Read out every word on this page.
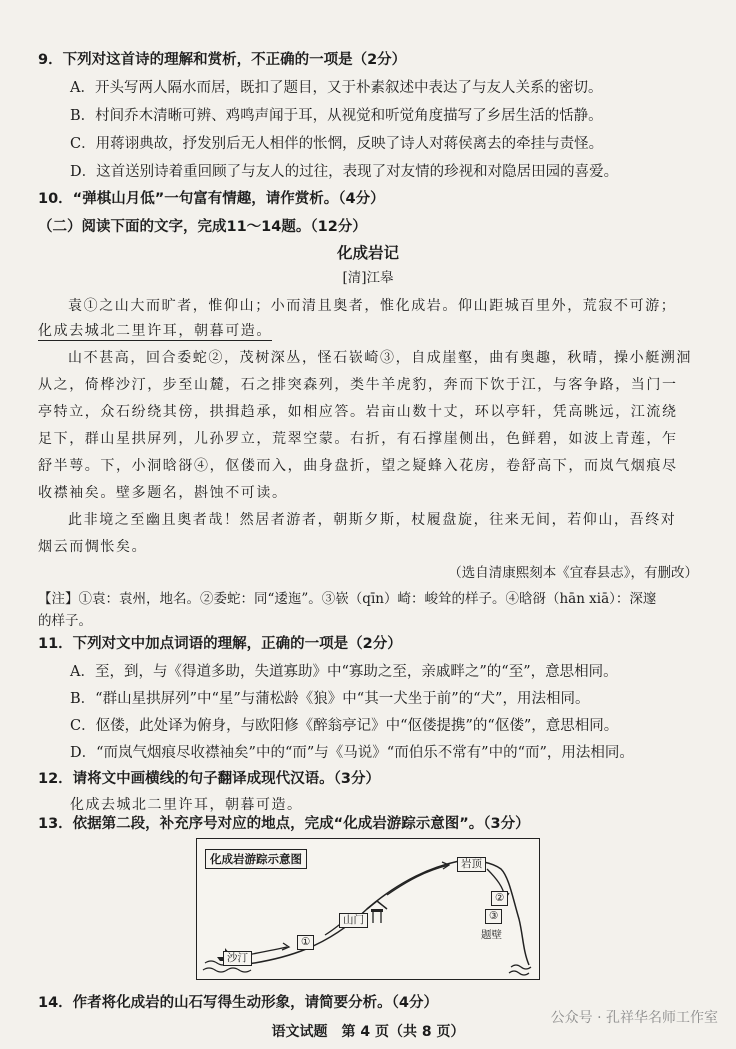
9．下列对这首诗的理解和赏析，不正确的一项是（2分）
A．开头写两人隔水而居，既扣了题目，又于朴素叙述中表达了与友人关系的密切。
B．村间乔木清晰可辨、鸡鸣声闻于耳，从视觉和听觉角度描写了乡居生活的恬静。
C．用蒋诩典故，抒发别后无人相伴的怅惘，反映了诗人对蒋侯离去的牵挂与责怪。
D．这首送别诗着重回顾了与友人的过往，表现了对友情的珍视和对隐居田园的喜爱。
10．“弹棋山月低”一句富有情趣，请作赏析。（4分）
（二）阅读下面的文字，完成11～14题。（12分）
化成岩记
[清]江皋
袁①之山大而旷者，惟仰山；小而清且奥者，惟化成岩。仰山距城百里外，荒寂不可游；
化成去城北二里许耳，朝暮可造。
山不甚高，回合委蛇②，茂树深丛，怪石嵚崎③，自成崖壑，曲有奥趣，秋晴，操小艇溯洄
从之，倚桦沙汀，步至山麓，石之排突森列，类牛羊虎豹，奔而下饮于江，与客争路，当门一
亭特立，众石纷绕其傍，拱揖趋承，如相应答。岩亩山数十丈，环以亭轩，凭高眺远，江流绕
足下，群山星拱屏列，儿孙罗立，荒翠空蒙。右折，有石撑崖侧出，色鲜碧，如波上青莲，乍
舒半萼。下，小洞晗谺④，伛偻而入，曲身盘折，望之疑蜂入花房，卷舒高下，而岚气烟痕尽
收襟袖矣。壁多题名，斟蚀不可读。
此非境之至幽且奥者哉！然居者游者，朝斯夕斯，杖履盘旋，往来无间，若仰山，吾终对
烟云而惆怅矣。
（选自清康熙刻本《宜春县志》，有删改）
【注】①袁：袁州，地名。②委蛇：同“逶迤”。③嵚（qīn）崎：峻耸的样子。④晗谺（hān xiā）：深邃
的样子。
11．下列对文中加点词语的理解，正确的一项是（2分）
A．至，到，与《得道多助，失道寡助》中“寡助之至，亲戚畔之”的“至”，意思相同。
B．“群山星拱屏列”中“星”与蒲松龄《狼》中“其一犬坐于前”的“犬”，用法相同。
C．伛偻，此处译为俯身，与欧阳修《醉翁亭记》中“伛偻提携”的“伛偻”，意思相同。
D．“而岚气烟痕尽收襟袖矣”中的“而”与《马说》“而伯乐不常有”中的“而”，用法相同。
12．请将文中画横线的句子翻译成现代汉语。（3分）
化成去城北二里许耳，朝暮可造。
13．依据第二段，补充序号对应的地点，完成“化成岩游踪示意图”。（3分）
化成岩游踪示意图
沙汀
①
山门
岩顶
②
③
题壁
14．作者将化成岩的山石写得生动形象，请简要分析。（4分）
公众号 · 孔祥华名师工作室
语文试题　第 4 页（共 8 页）
